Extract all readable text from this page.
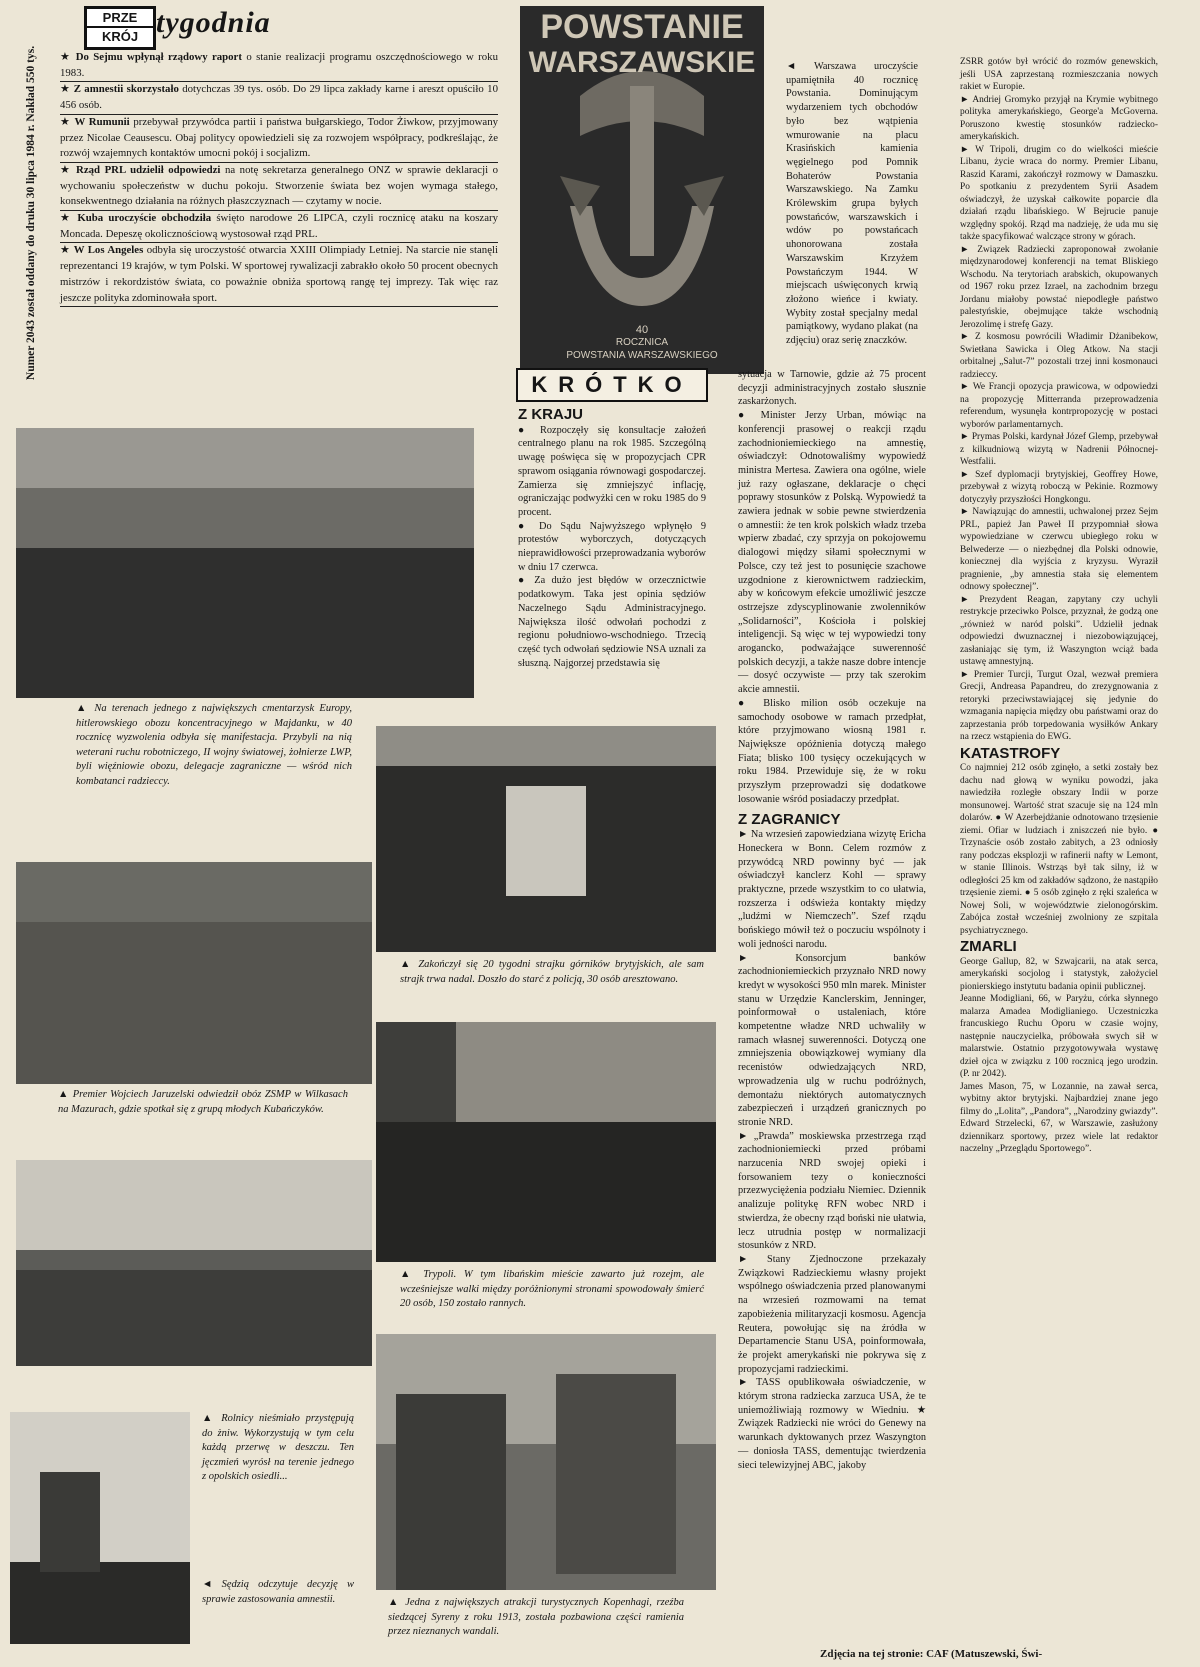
PRZE
KRÓJ tygodnia
Numer 2043 został oddany do druku 30 lipca 1984 r. Nakład 550 tys. ★ Do Sejmu wpłynął rządowy raport o stanie realizacji programu oszczędnościowego w roku 1983.

★ Z amnestii skorzystało dotychczas 39 tys. osób. Do 29 lipca zakłady karne i areszt opuściło 10 456 osób.

★ W Rumunii przebywał przywódca partii i państwa bułgarskiego, Todor Żiwkow, przyjmowany przez Nicolae Ceausescu. Obaj politycy opowiedzieli się za rozwojem współpracy, podkreślając, że rozwój wzajemnych kontaktów umocni pokój i socjalizm.

★ Rząd PRL udzielił odpowiedzi na notę sekretarza generalnego ONZ w sprawie deklaracji o wychowaniu społeczeństw w duchu pokoju. Stworzenie świata bez wojen wymaga stałego, konsekwentnego działania na różnych płaszczyznach — czytamy w nocie.

★ Kuba uroczyście obchodziła święto narodowe 26 LIPCA, czyli rocznicę ataku na koszary Moncada. Depeszę okolicznościową wystosował rząd PRL.

★ W Los Angeles odbyła się uroczystość otwarcia XXIII Olimpiady Letniej. Na starcie nie stanęli reprezentanci 19 krajów, w tym Polski. W sportowej rywalizacji zabrakło około 50 procent obecnych mistrzów i rekordzistów świata, co poważnie obniża sportową rangę tej imprezy. Tak więc raz jeszcze polityka zdominowała sport.

POWSTANIE
WARSZAWSKIE
40
ROCZNICA
POWSTANIA WARSZAWSKIEGO
▲ Na terenach jednego z największych cmentarzysk Europy, hitlerowskiego obozu koncentracyjnego w Majdanku, w 40 rocznicę wyzwolenia odbyła się manifestacja. Przybyli na nią weterani ruchu robotniczego, II wojny światowej, żołnierze LWP, byli więźniowie obozu, delegacje zagraniczne — wśród nich kombatanci radzieccy.
▲ Premier Wojciech Jaruzelski odwiedził obóz ZSMP w Wilkasach na Mazurach, gdzie spotkał się z grupą młodych Kubańczyków.
▲ Rolnicy nieśmiało przystępują do żniw. Wykorzystują w tym celu każdą przerwę w deszczu. Ten jęczmień wyrósł na terenie jednego z opolskich osiedli...
◄ Sędzią odczytuje decyzję w sprawie zastosowania amnestii.
▲ Zakończył się 20 tygodni strajku górników brytyjskich, ale sam strajk trwa nadal. Doszło do starć z policją, 30 osób aresztowano.
▲ Trypoli. W tym libańskim mieście zawarto już rozejm, ale wcześniejsze walki między poróżnionymi stronami spowodowały śmierć 20 osób, 150 zostało rannych.
▲ Jedna z największych atrakcji turystycznych Kopenhagi, rzeźba siedzącej Syreny z roku 1913, została pozbawiona części ramienia przez nieznanych wandali.
KRÓTKO
Z KRAJU

● Rozpoczęły się konsultacje założeń centralnego planu na rok 1985. Szczególną uwagę poświęca się w propozycjach CPR sprawom osiągania równowagi gospodarczej. Zamierza się zmniejszyć inflację, ograniczając podwyżki cen w roku 1985 do 9 procent.

● Do Sądu Najwyższego wpłynęło 9 protestów wyborczych, dotyczących nieprawidłowości przeprowadzania wyborów w dniu 17 czerwca.

● Za dużo jest błędów w orzecznictwie podatkowym. Taka jest opinia sędziów Naczelnego Sądu Administracyjnego. Największa ilość odwołań pochodzi z regionu południowo-wschodniego. Trzecią część tych odwołań sędziowie NSA uznali za słuszną. Najgorzej przedstawia się

◄ Warszawa uroczyście upamiętniła 40 rocznicę Powstania. Dominującym wydarzeniem tych obchodów było bez wątpienia wmurowanie na placu Krasińskich kamienia węgielnego pod Pomnik Bohaterów Powstania Warszawskiego. Na Zamku Królewskim grupa byłych powstańców, warszawskich i wdów po powstańcach uhonorowana została Warszawskim Krzyżem Powstańczym 1944. W miejscach uświęconych krwią złożono wieńce i kwiaty. Wybity został specjalny medal pamiątkowy, wydano plakat (na zdjęciu) oraz serię znaczków.

sytuacja w Tarnowie, gdzie aż 75 procent decyzji administracyjnych zostało słusznie zaskarżonych.

● Minister Jerzy Urban, mówiąc na konferencji prasowej o reakcji rządu zachodnioniemieckiego na amnestię, oświadczył: Odnotowaliśmy wypowiedź ministra Mertesa. Zawiera ona ogólne, wiele już razy ogłaszane, deklaracje o chęci poprawy stosunków z Polską. Wypowiedź ta zawiera jednak w sobie pewne stwierdzenia o amnestii: że ten krok polskich władz trzeba wpierw zbadać, czy sprzyja on pokojowemu dialogowi między siłami społecznymi w Polsce, czy też jest to posunięcie szachowe uzgodnione z kierownictwem radzieckim, aby w końcowym efekcie umożliwić jeszcze ostrzejsze zdyscyplinowanie zwolenników „Solidarności”, Kościoła i polskiej inteligencji. Są więc w tej wypowiedzi tony arogancko, podważające suwerenność polskich decyzji, a także nasze dobre intencje — dosyć oczywiste — przy tak szerokim akcie amnestii.

● Blisko milion osób oczekuje na samochody osobowe w ramach przedpłat, które przyjmowano wiosną 1981 r. Największe opóźnienia dotyczą małego Fiata; blisko 100 tysięcy oczekujących w roku 1984. Przewiduje się, że w roku przyszłym przeprowadzi się dodatkowe losowanie wśród posiadaczy przedpłat.

Z ZAGRANICY

► Na wrzesień zapowiedziana wizytę Ericha Honeckera w Bonn. Celem rozmów z przywódcą NRD powinny być — jak oświadczył kanclerz Kohl — sprawy praktyczne, przede wszystkim to co ułatwia, rozszerza i odświeża kontakty między „ludźmi w Niemczech”. Szef rządu bońskiego mówił też o poczuciu wspólnoty i woli jedności narodu.

► Konsorcjum banków zachodnioniemieckich przyznało NRD nowy kredyt w wysokości 950 mln marek. Minister stanu w Urzędzie Kanclerskim, Jenninger, poinformował o ustaleniach, które kompetentne władze NRD uchwaliły w ramach własnej suwerenności. Dotyczą one zmniejszenia obowiązkowej wymiany dla recenistów odwiedzających NRD, wprowadzenia ulg w ruchu podróżnych, demontażu niektórych automatycznych zabezpieczeń i urządzeń granicznych po stronie NRD.

► „Prawda” moskiewska przestrzega rząd zachodnioniemiecki przed próbami narzucenia NRD swojej opieki i forsowaniem tezy o konieczności przezwyciężenia podziału Niemiec. Dziennik analizuje politykę RFN wobec NRD i stwierdza, że obecny rząd boński nie ułatwia, lecz utrudnia postęp w normalizacji stosunków z NRD.

► Stany Zjednoczone przekazały Związkowi Radzieckiemu własny projekt wspólnego oświadczenia przed planowanymi na wrzesień rozmowami na temat zapobieżenia militaryzacji kosmosu. Agencja Reutera, powołując się na źródła w Departamencie Stanu USA, poinformowała, że projekt amerykański nie pokrywa się z propozycjami radzieckimi.

► TASS opublikowała oświadczenie, w którym strona radziecka zarzuca USA, że te uniemożliwiają rozmowy w Wiedniu. ★ Związek Radziecki nie wróci do Genewy na warunkach dyktowanych przez Waszyngton — doniosła TASS, dementując twierdzenia sieci telewizyjnej ABC, jakoby

ZSRR gotów był wrócić do rozmów genewskich, jeśli USA zaprzestaną rozmieszczania nowych rakiet w Europie.

► Andriej Gromyko przyjął na Krymie wybitnego polityka amerykańskiego, George'a McGoverna. Poruszono kwestię stosunków radziecko-amerykańskich.

► W Tripoli, drugim co do wielkości mieście Libanu, życie wraca do normy. Premier Libanu, Raszid Karami, zakończył rozmowy w Damaszku. Po spotkaniu z prezydentem Syrii Asadem oświadczył, że uzyskał całkowite poparcie dla działań rządu libańskiego. W Bejrucie panuje względny spokój. Rząd ma nadzieję, że uda mu się także spacyfikować walczące strony w górach.

► Związek Radziecki zaproponował zwołanie międzynarodowej konferencji na temat Bliskiego Wschodu. Na terytoriach arabskich, okupowanych od 1967 roku przez Izrael, na zachodnim brzegu Jordanu miałoby powstać niepodległe państwo palestyńskie, obejmujące także wschodnią Jerozolimę i strefę Gazy.

► Z kosmosu powrócili Władimir Dżanibekow, Swietłana Sawicka i Oleg Atkow. Na stacji orbitalnej „Salut-7” pozostali trzej inni kosmonauci radzieccy.

► We Francji opozycja prawicowa, w odpowiedzi na propozycję Mitterranda przeprowadzenia referendum, wysunęła kontrpropozycję w postaci wyborów parlamentarnych.

► Prymas Polski, kardynał Józef Glemp, przebywał z kilkudniową wizytą w Nadrenii Północnej-Westfalii.

► Szef dyplomacji brytyjskiej, Geoffrey Howe, przebywał z wizytą roboczą w Pekinie. Rozmowy dotyczyły przyszłości Hongkongu.

► Nawiązując do amnestii, uchwalonej przez Sejm PRL, papież Jan Paweł II przypomniał słowa wypowiedziane w czerwcu ubiegłego roku w Belwederze — o niezbędnej dla Polski odnowie, koniecznej dla wyjścia z kryzysu. Wyraził pragnienie, „by amnestia stała się elementem odnowy społecznej”.

► Prezydent Reagan, zapytany czy uchyli restrykcje przeciwko Polsce, przyznał, że godzą one „również w naród polski”. Udzielił jednak odpowiedzi dwuznacznej i niezobowiązującej, zasłaniając się tym, iż Waszyngton wciąż bada ustawę amnestyjną.

► Premier Turcji, Turgut Ozal, wezwał premiera Grecji, Andreasa Papandreu, do zrezygnowania z retoryki przeciwstawiającej się jedynie do wzmagania napięcia między obu państwami oraz do zaprzestania prób torpedowania wysiłków Ankary na rzecz wstąpienia do EWG.

KATASTROFY

Co najmniej 212 osób zginęło, a setki zostały bez dachu nad głową w wyniku powodzi, jaka nawiedziła rozległe obszary Indii w porze monsunowej. Wartość strat szacuje się na 124 mln dolarów. ● W Azerbejdżanie odnotowano trzęsienie ziemi. Ofiar w ludziach i zniszczeń nie było. ● Trzynaście osób zostało zabitych, a 23 odniosły rany podczas eksplozji w rafinerii nafty w Lemont, w stanie Illinois. Wstrząs był tak silny, iż w odległości 25 km od zakładów sądzono, że nastąpiło trzęsienie ziemi. ● 5 osób zginęło z ręki szaleńca w Nowej Soli, w województwie zielonogórskim. Zabójca został wcześniej zwolniony ze szpitala psychiatrycznego.

ZMARLI

George Gallup, 82, w Szwajcarii, na atak serca, amerykański socjolog i statystyk, założyciel pionierskiego instytutu badania opinii publicznej.

Jeanne Modigliani, 66, w Paryżu, córka słynnego malarza Amadea Modiglianiego. Uczestniczka francuskiego Ruchu Oporu w czasie wojny, następnie nauczycielka, próbowała swych sił w malarstwie. Ostatnio przygotowywała wystawę dzieł ojca w związku z 100 rocznicą jego urodzin. (P. nr 2042).

James Mason, 75, w Lozannie, na zawał serca, wybitny aktor brytyjski. Najbardziej znane jego filmy do „Lolita”, „Pandora”, „Narodziny gwiazdy”.

Edward Strzelecki, 67, w Warszawie, zasłużony dziennikarz sportowy, przez wiele lat redaktor naczelny „Przeglądu Sportowego”.

Zdjęcia na tej stronie: CAF (Matuszewski, Świ-
